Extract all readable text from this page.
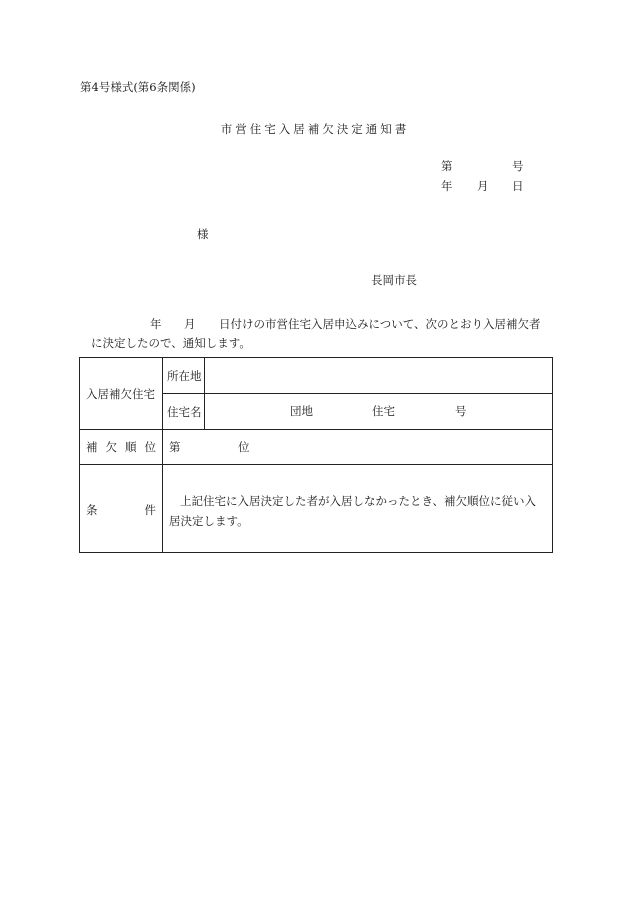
第4号様式(第6条関係)
市営住宅入居補欠決定通知書
第	号
年 月 日
様
長岡市長
年 月 日付けの市営住宅入居申込みについて、次のとおり入居補欠者
に決定したので、通知します。
入居補欠住宅	所在地	
	住宅名	団地 住宅 号

補 欠 順 位	第 位	

条 件	上記住宅に入居決定した者が入居しなかったとき、補欠順位に従い入居決定します。	
